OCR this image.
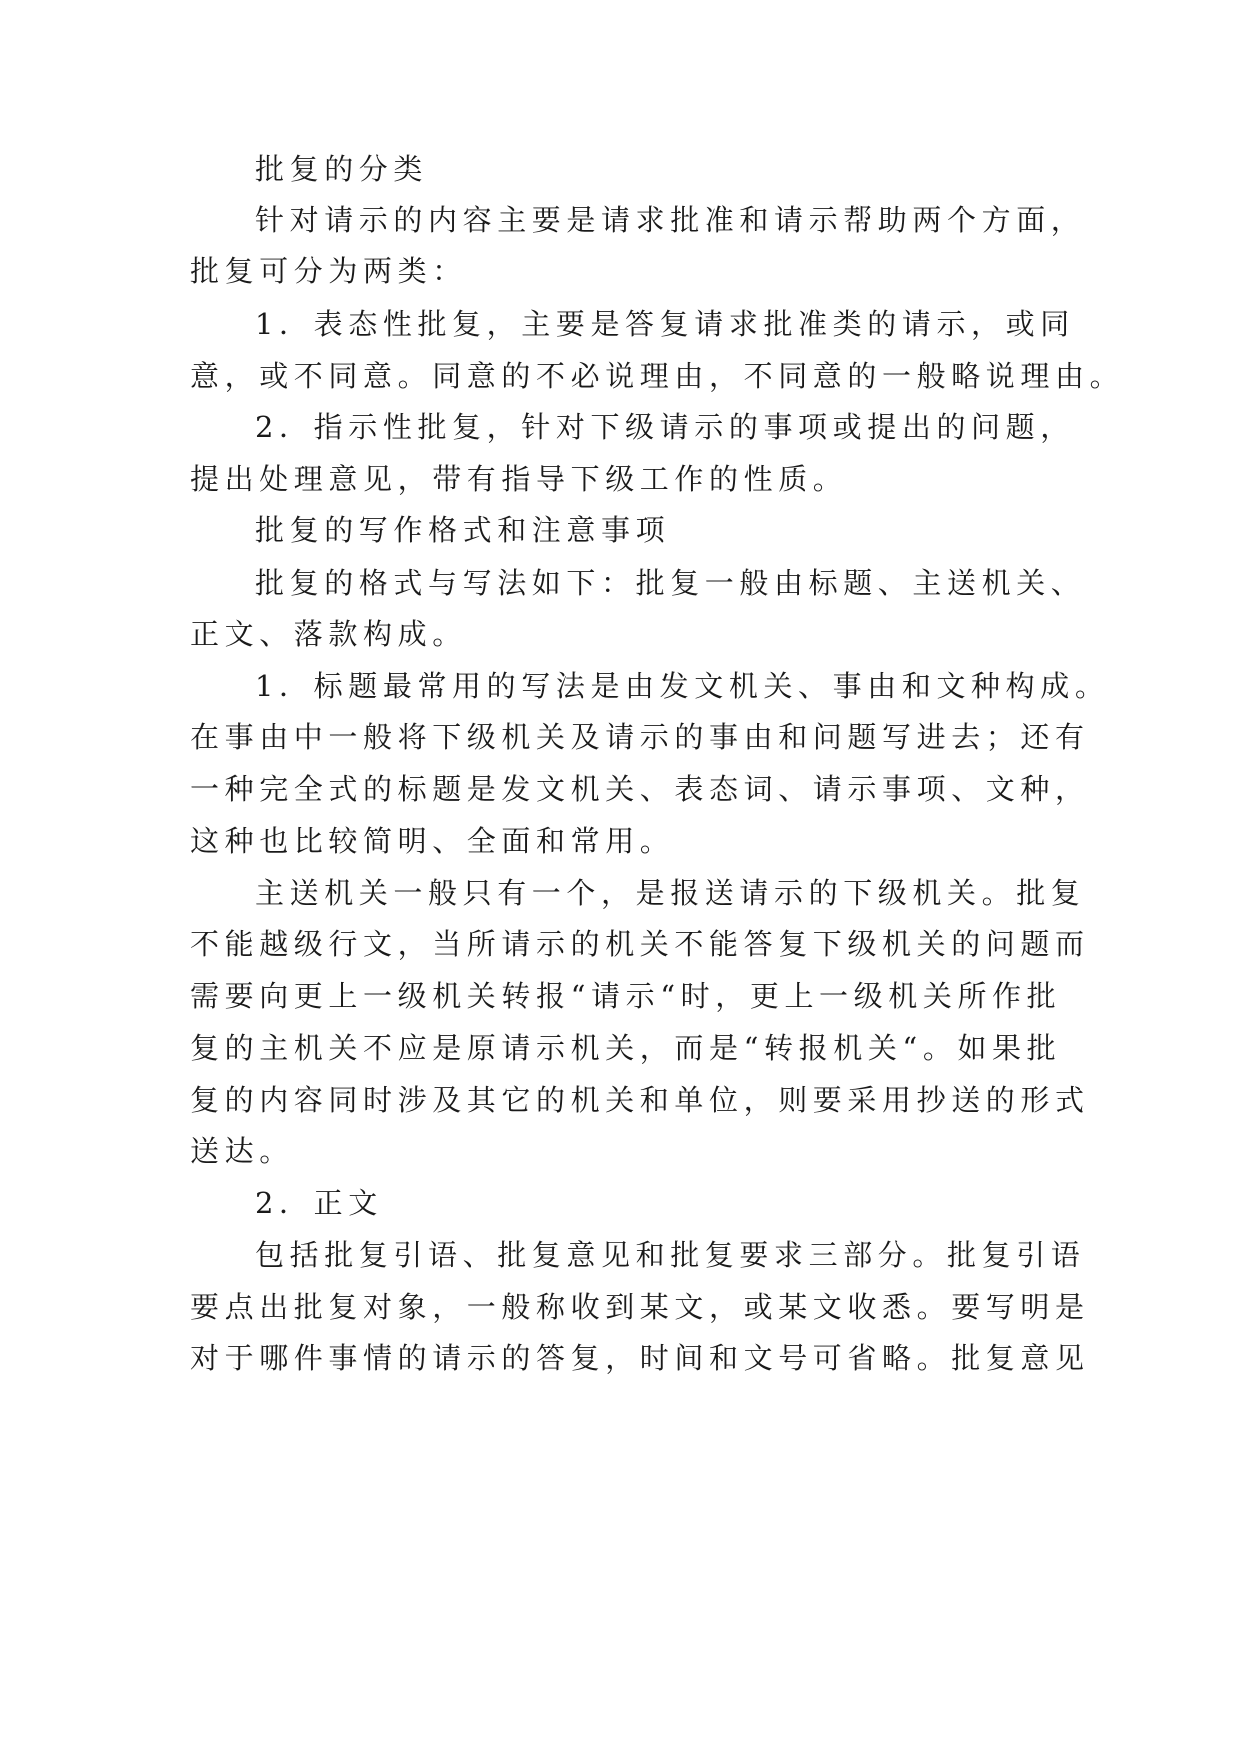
批复的分类
针对请示的内容主要是请求批准和请示帮助两个方面，
批复可分为两类：
1．表态性批复，主要是答复请求批准类的请示，或同
意，或不同意。同意的不必说理由，不同意的一般略说理由。
2．指示性批复，针对下级请示的事项或提出的问题，
提出处理意见，带有指导下级工作的性质。
批复的写作格式和注意事项
批复的格式与写法如下：批复一般由标题、主送机关、
正文、落款构成。
1．标题最常用的写法是由发文机关、事由和文种构成。
在事由中一般将下级机关及请示的事由和问题写进去；还有
一种完全式的标题是发文机关、表态词、请示事项、文种，
这种也比较简明、全面和常用。
主送机关一般只有一个，是报送请示的下级机关。批复
不能越级行文，当所请示的机关不能答复下级机关的问题而
需要向更上一级机关转报“请示“时，更上一级机关所作批
复的主机关不应是原请示机关，而是“转报机关“。如果批
复的内容同时涉及其它的机关和单位，则要采用抄送的形式
送达。
2．正文
包括批复引语、批复意见和批复要求三部分。批复引语
要点出批复对象，一般称收到某文，或某文收悉。要写明是
对于哪件事情的请示的答复，时间和文号可省略。批复意见
